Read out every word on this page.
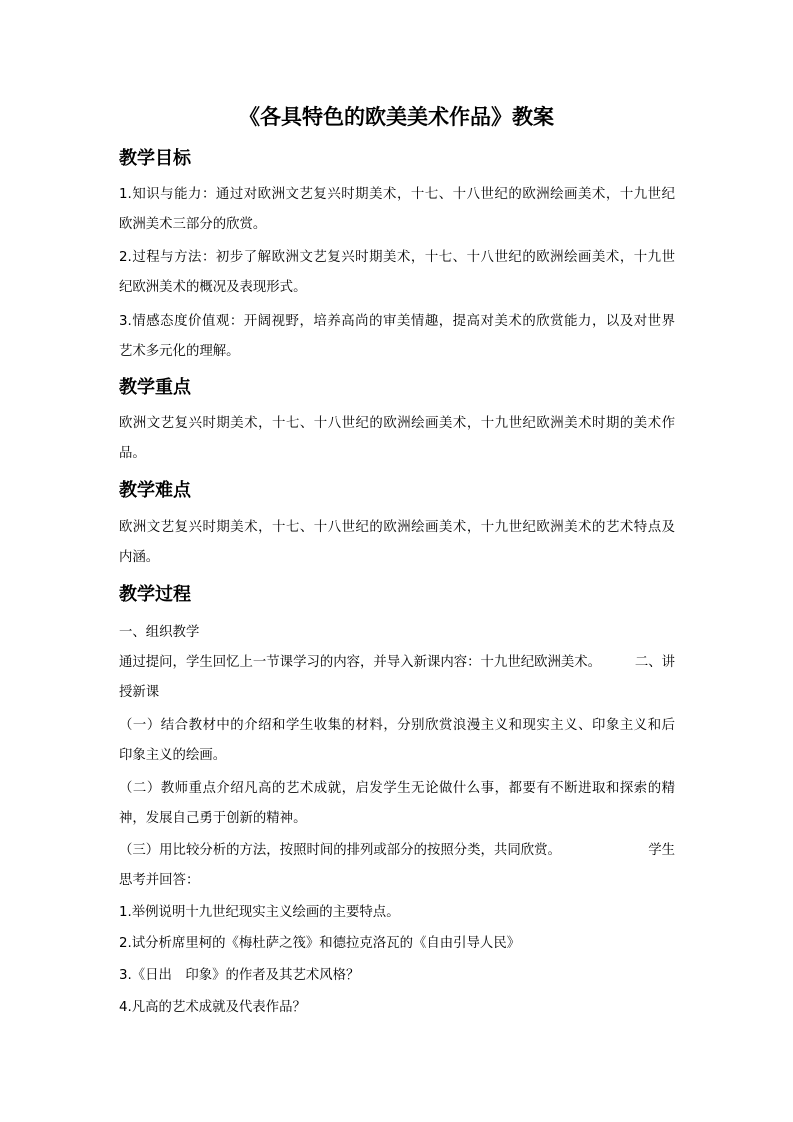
《各具特色的欧美美术作品》教案
教学目标
1.知识与能力：通过对欧洲文艺复兴时期美术，十七、十八世纪的欧洲绘画美术，十九世纪
欧洲美术三部分的欣赏。
2.过程与方法：初步了解欧洲文艺复兴时期美术，十七、十八世纪的欧洲绘画美术，十九世
纪欧洲美术的概况及表现形式。
3.情感态度价值观：开阔视野，培养高尚的审美情趣，提高对美术的欣赏能力，以及对世界
艺术多元化的理解。
教学重点
欧洲文艺复兴时期美术，十七、十八世纪的欧洲绘画美术，十九世纪欧洲美术时期的美术作
品。
教学难点
欧洲文艺复兴时期美术，十七、十八世纪的欧洲绘画美术，十九世纪欧洲美术的艺术特点及
内涵。
教学过程
一、组织教学
通过提问，学生回忆上一节课学习的内容，并导入新课内容：十九世纪欧洲美术。	二、讲
授新课
（一）结合教材中的介绍和学生收集的材料，分别欣赏浪漫主义和现实主义、印象主义和后
印象主义的绘画。
（二）教师重点介绍凡高的艺术成就，启发学生无论做什么事，都要有不断进取和探索的精
神，发展自己勇于创新的精神。
（三）用比较分析的方法，按照时间的排列或部分的按照分类，共同欣赏。	学生
思考并回答：
1.举例说明十九世纪现实主义绘画的主要特点。
2.试分析席里柯的《梅杜萨之筏》和德拉克洛瓦的《自由引导人民》
3.《日出　印象》的作者及其艺术风格？
4.凡高的艺术成就及代表作品？
